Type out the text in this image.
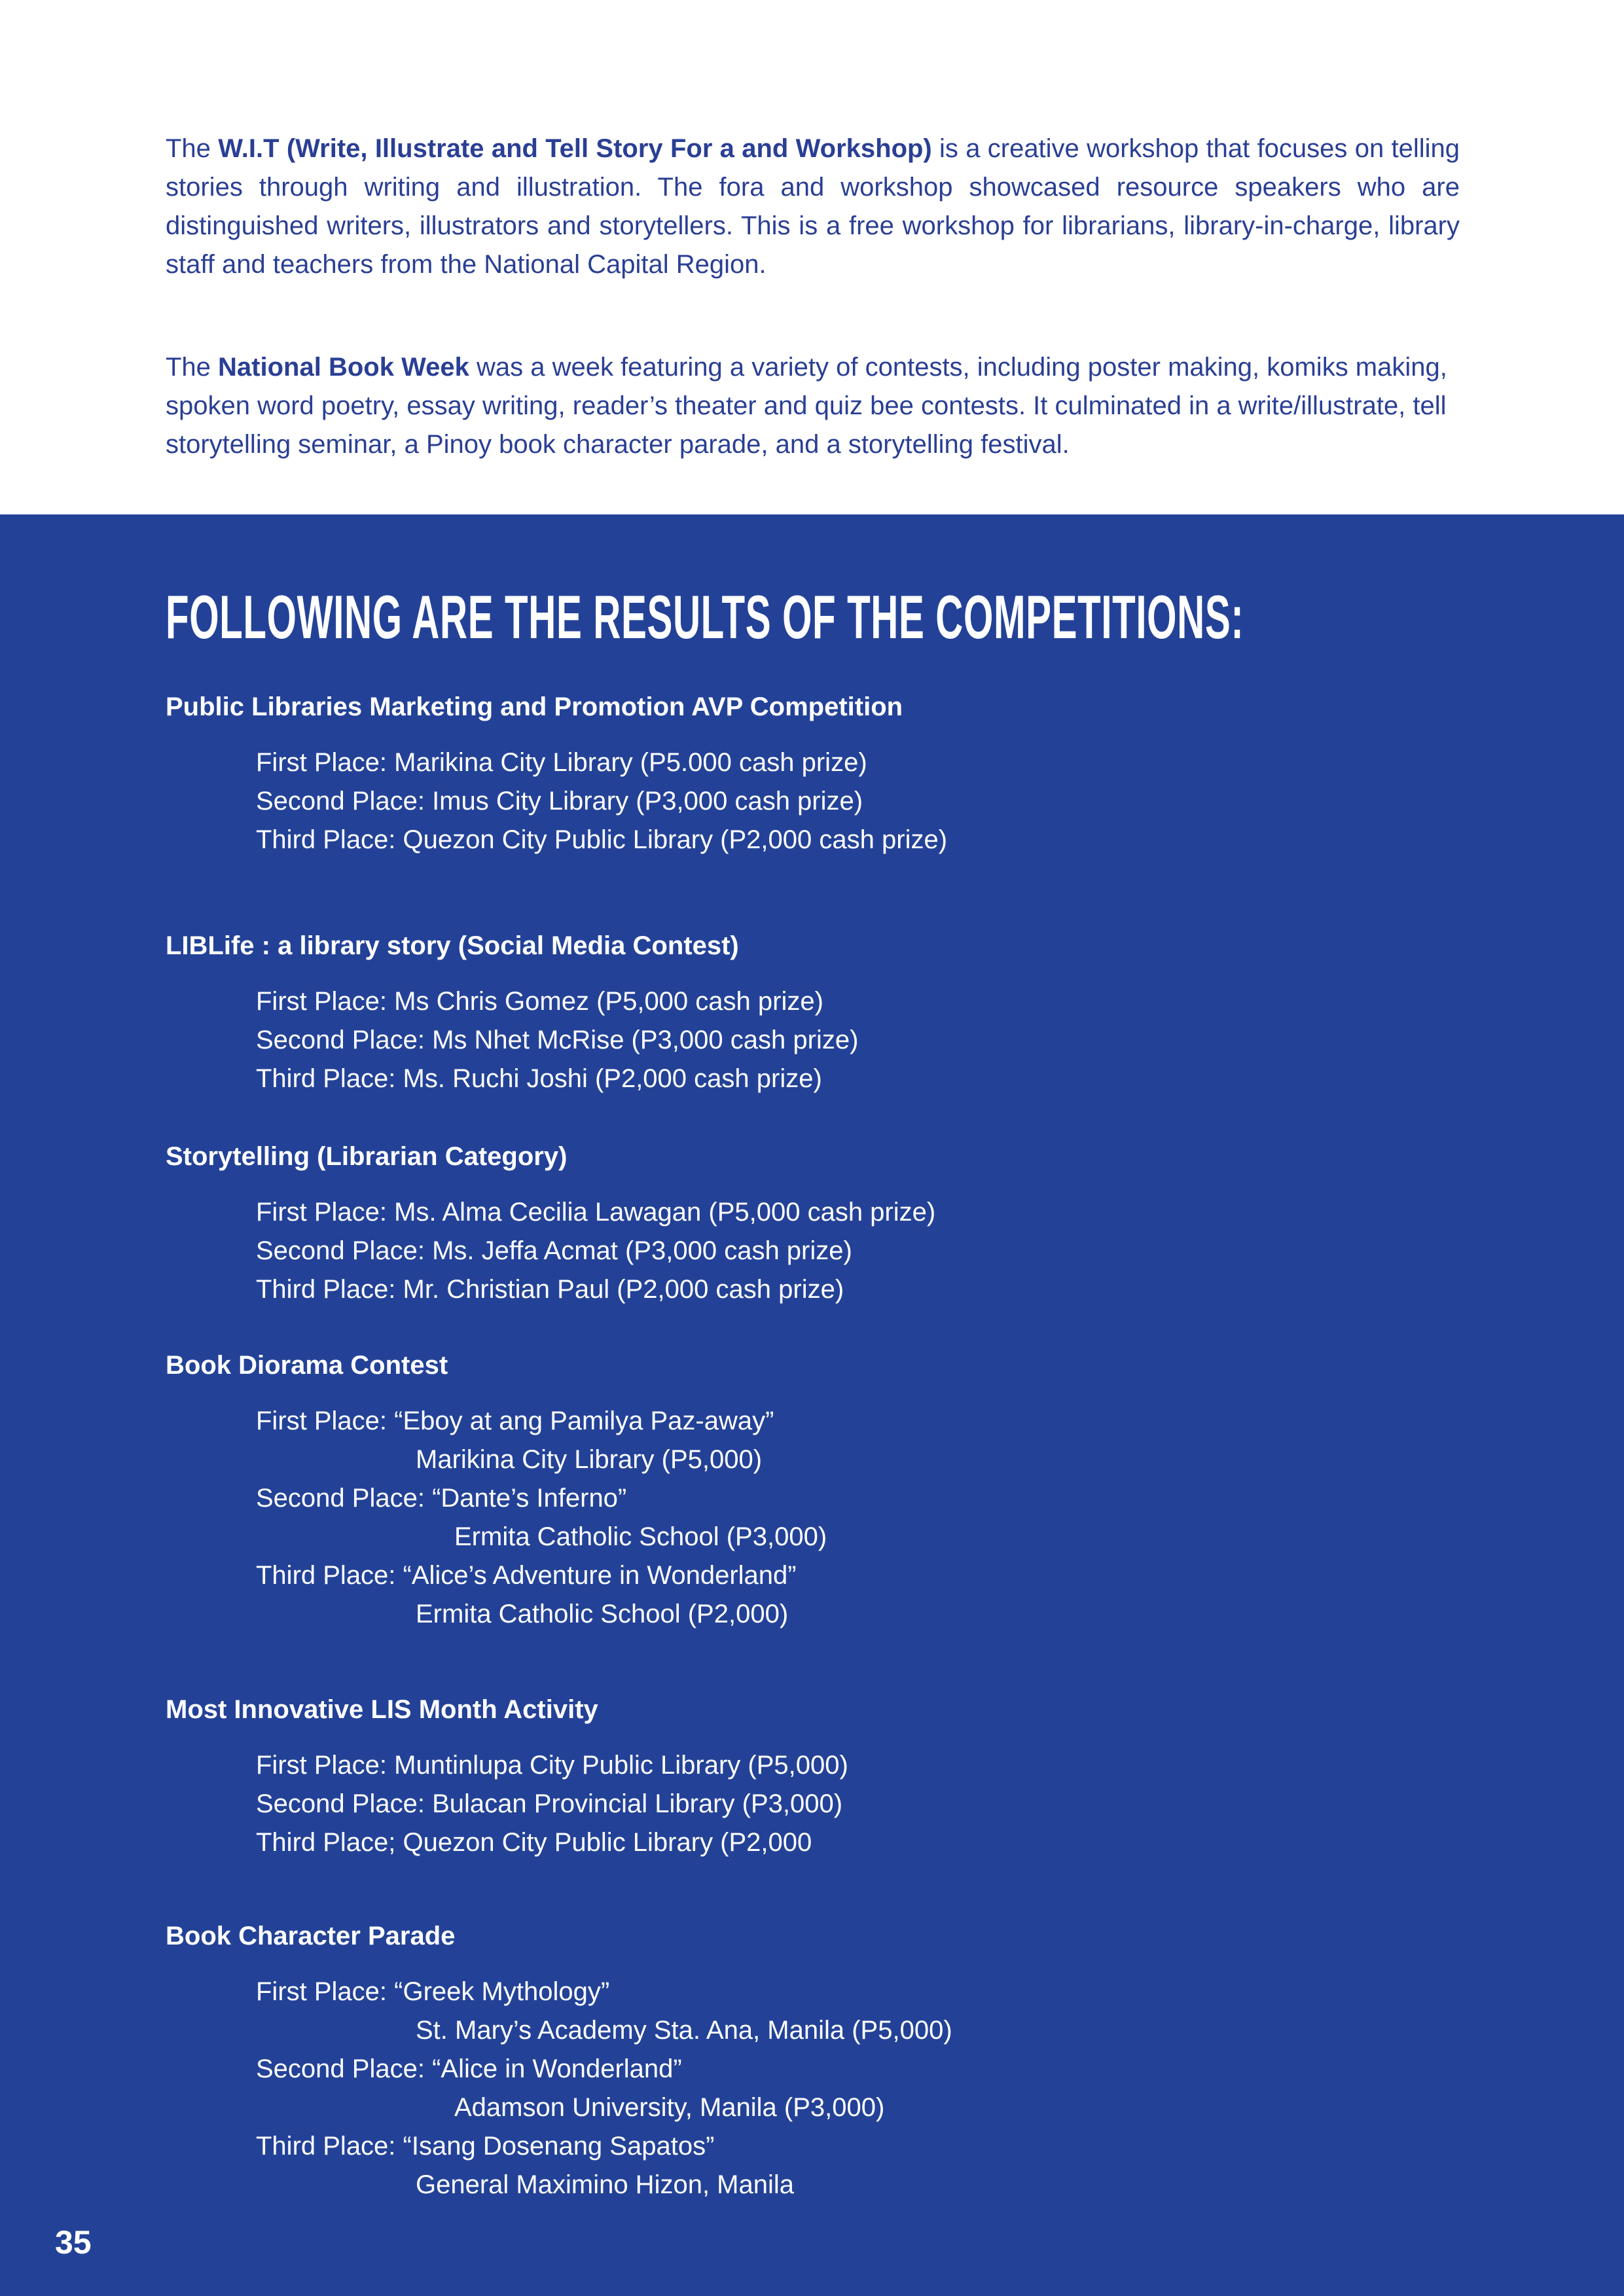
The W.I.T (Write, Illustrate and Tell Story For a and Workshop) is a creative workshop that focuses on telling stories through writing and illustration. The fora and workshop showcased resource speakers who are distinguished writers, illustrators and storytellers. This is a free workshop for librarians, library-in-charge, library staff and teachers from the National Capital Region.

The National Book Week was a week featuring a variety of contests, including poster making, komiks making, spoken word poetry, essay writing, reader’s theater and quiz bee contests. It culminated in a write/illustrate, tell storytelling seminar, a Pinoy book character parade, and a storytelling festival.

FOLLOWING ARE THE RESULTS OF THE COMPETITIONS:
Public Libraries Marketing and Promotion AVP Competition
First Place: Marikina City Library (P5.000 cash prize)
Second Place: Imus City Library (P3,000 cash prize)
Third Place: Quezon City Public Library (P2,000 cash prize)
LIBLife : a library story (Social Media Contest)
First Place: Ms Chris Gomez (P5,000 cash prize)
Second Place: Ms Nhet McRise (P3,000 cash prize)
Third Place: Ms. Ruchi Joshi (P2,000 cash prize)
Storytelling (Librarian Category)
First Place: Ms. Alma Cecilia Lawagan (P5,000 cash prize)
Second Place: Ms. Jeffa Acmat (P3,000 cash prize)
Third Place: Mr. Christian Paul (P2,000 cash prize)
Book Diorama Contest
First Place: “Eboy at ang Pamilya Paz-away”
Marikina City Library (P5,000)
Second Place: “Dante’s Inferno”
Ermita Catholic School (P3,000)
Third Place: “Alice’s Adventure in Wonderland”
Ermita Catholic School (P2,000)
Most Innovative LIS Month Activity
First Place: Muntinlupa City Public Library (P5,000)
Second Place: Bulacan Provincial Library (P3,000)
Third Place; Quezon City Public Library (P2,000
Book Character Parade
First Place: “Greek Mythology”
St. Mary’s Academy Sta. Ana, Manila (P5,000)
Second Place: “Alice in Wonderland”
Adamson University, Manila (P3,000)
Third Place: “Isang Dosenang Sapatos”
General Maximino Hizon, Manila
35
